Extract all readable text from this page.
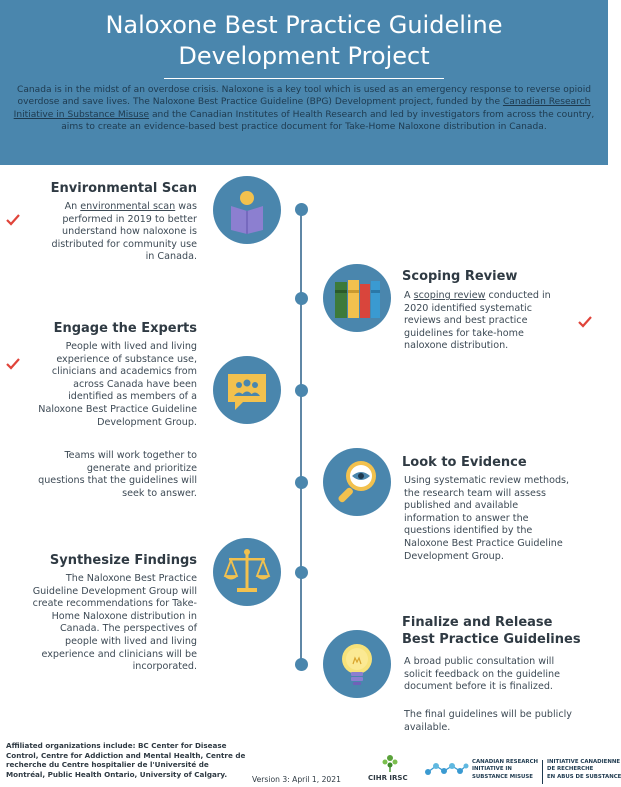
Naloxone Best Practice Guideline
Development Project
Canada is in the midst of an overdose crisis. Naloxone is a key tool which is used as an emergency response to reverse opioid overdose and save lives. The Naloxone Best Practice Guideline (BPG) Development project, funded by the Canadian Research Initiative in Substance Misuse and the Canadian Institutes of Health Research and led by investigators from across the country, aims to create an evidence-based best practice document for Take-Home Naloxone distribution in Canada.
Environmental Scan
An environmental scan was performed in 2019 to better understand how naloxone is distributed for community use in Canada.
Scoping Review
A scoping review conducted in 2020 identified systematic reviews and best practice guidelines for take-home naloxone distribution.
Engage the Experts
People with lived and living experience of substance use, clinicians and academics from across Canada have been identified as members of a Naloxone Best Practice Guideline Development Group.
Teams will work together to generate and prioritize questions that the guidelines will seek to answer.
Look to Evidence
Using systematic review methods, the research team will assess published and available information to answer the questions identified by the Naloxone Best Practice Guideline Development Group.
Synthesize Findings
The Naloxone Best Practice Guideline Development Group will create recommendations for Take-Home Naloxone distribution in Canada. The perspectives of people with lived and living experience and clinicians will be incorporated.
Finalize and Release
Best Practice Guidelines
A broad public consultation will solicit feedback on the guideline document before it is finalized.
The final guidelines will be publicly available.
Affiliated organizations include: BC Center for Disease Control, Centre for Addiction and Mental Health, Centre de recherche du Centre hospitalier de l'Université de Montréal, Public Health Ontario, University of Calgary.
Version 3: April 1, 2021	CIHR IRSC
CANADIAN RESEARCH
INITIATIVE IN
SUBSTANCE MISUSE
INITIATIVE CANADIENNE
DE RECHERCHE
EN ABUS DE SUBSTANCE
